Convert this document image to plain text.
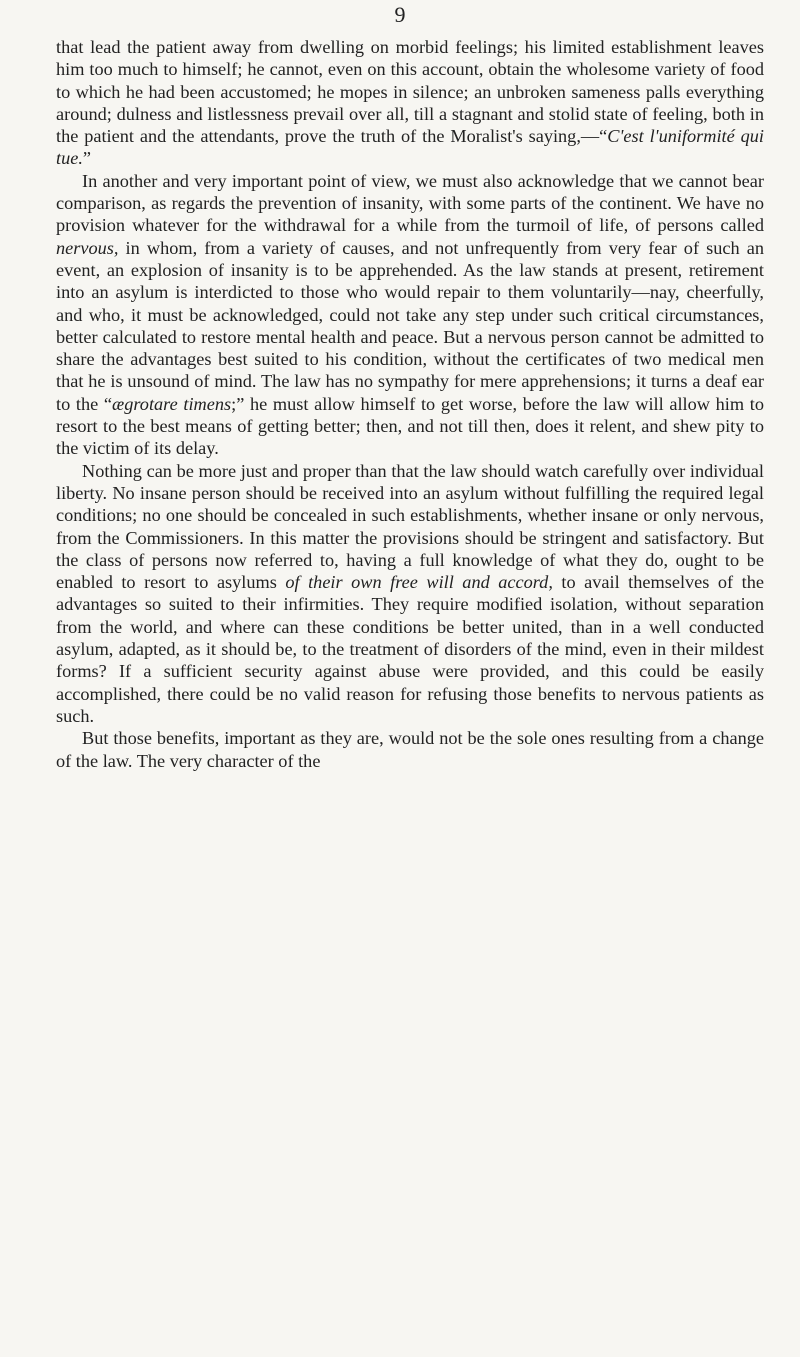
9

that lead the patient away from dwelling on morbid feelings; his limited establishment leaves him too much to himself; he cannot, even on this account, obtain the wholesome variety of food to which he had been accustomed; he mopes in silence; an unbroken sameness palls everything around; dulness and listlessness prevail over all, till a stagnant and stolid state of feeling, both in the patient and the attendants, prove the truth of the Moralist's saying,—“C'est l'uniformité qui tue.”

In another and very important point of view, we must also acknowledge that we cannot bear comparison, as regards the prevention of insanity, with some parts of the continent. We have no provision whatever for the withdrawal for a while from the turmoil of life, of persons called nervous, in whom, from a variety of causes, and not unfrequently from very fear of such an event, an explosion of insanity is to be apprehended. As the law stands at present, retirement into an asylum is interdicted to those who would repair to them voluntarily—nay, cheerfully, and who, it must be acknowledged, could not take any step under such critical circumstances, better calculated to restore mental health and peace. But a nervous person cannot be admitted to share the advantages best suited to his condition, without the certificates of two medical men that he is unsound of mind. The law has no sympathy for mere apprehensions; it turns a deaf ear to the “ægrotare timens;” he must allow himself to get worse, before the law will allow him to resort to the best means of getting better; then, and not till then, does it relent, and shew pity to the victim of its delay.

Nothing can be more just and proper than that the law should watch carefully over individual liberty. No insane person should be received into an asylum without fulfilling the required legal conditions; no one should be concealed in such establishments, whether insane or only nervous, from the Commissioners. In this matter the provisions should be stringent and satisfactory. But the class of persons now referred to, having a full knowledge of what they do, ought to be enabled to resort to asylums of their own free will and accord, to avail themselves of the advantages so suited to their infirmities. They require modified isolation, without separation from the world, and where can these conditions be better united, than in a well conducted asylum, adapted, as it should be, to the treatment of disorders of the mind, even in their mildest forms? If a sufficient security against abuse were provided, and this could be easily accomplished, there could be no valid reason for refusing those benefits to nervous patients as such.

But those benefits, important as they are, would not be the sole ones resulting from a change of the law. The very character of the
